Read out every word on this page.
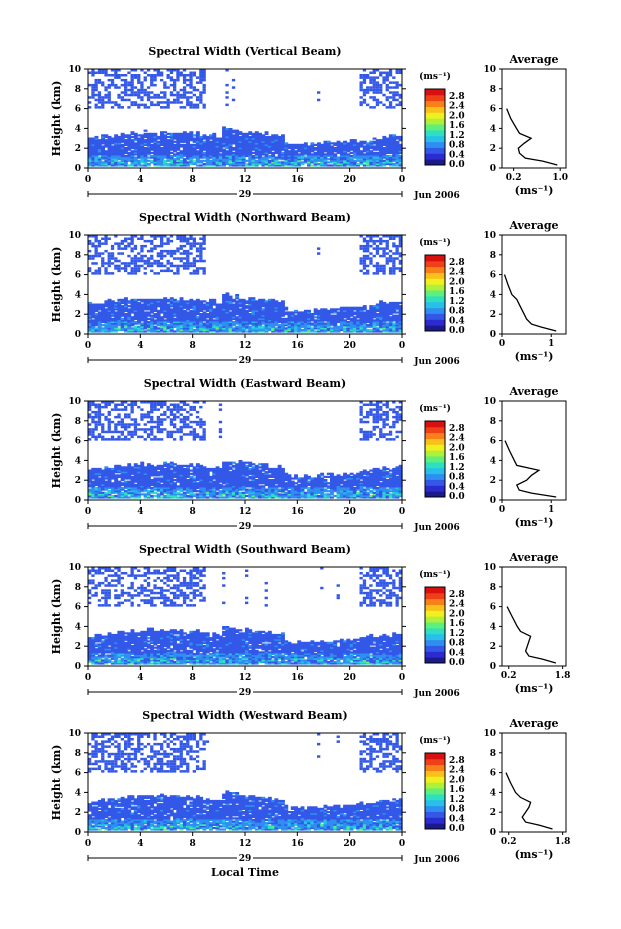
Spectral Width (Vertical Beam)
0
2
4
6
8
10
Height (km)
0	4	8	12	16	20	0
29	Jun 2006
(ms⁻¹)
0.0
0.4
0.8
1.2
1.6
2.0
2.4
2.8
Average
0
2
4
6
8
10
0.2	1.0
(ms⁻¹)
Spectral Width (Northward Beam)
0
2
4
6
8
10
Height (km)
0	4	8	12	16	20	0
29	Jun 2006
(ms⁻¹)
0.0
0.4
0.8
1.2
1.6
2.0
2.4
2.8
Average
0
2
4
6
8
10
0	1
(ms⁻¹)
Spectral Width (Eastward Beam)
0
2
4
6
8
10
Height (km)
0	4	8	12	16	20	0
29	Jun 2006
(ms⁻¹)
0.0
0.4
0.8
1.2
1.6
2.0
2.4
2.8
Average
0
2
4
6
8
10
0	1
(ms⁻¹)
Spectral Width (Southward Beam)
0
2
4
6
8
10
Height (km)
0	4	8	12	16	20	0
29	Jun 2006
(ms⁻¹)
0.0
0.4
0.8
1.2
1.6
2.0
2.4
2.8
Average
0
2
4
6
8
10
0.2	1.8
(ms⁻¹)
Spectral Width (Westward Beam)
0
2
4
6
8
10
Height (km)
0	4	8	12	16	20	0
29	Jun 2006
(ms⁻¹)
0.0
0.4
0.8
1.2
1.6
2.0
2.4
2.8
Average
0
2
4
6
8
10
0.2	1.8
(ms⁻¹)
Local Time
